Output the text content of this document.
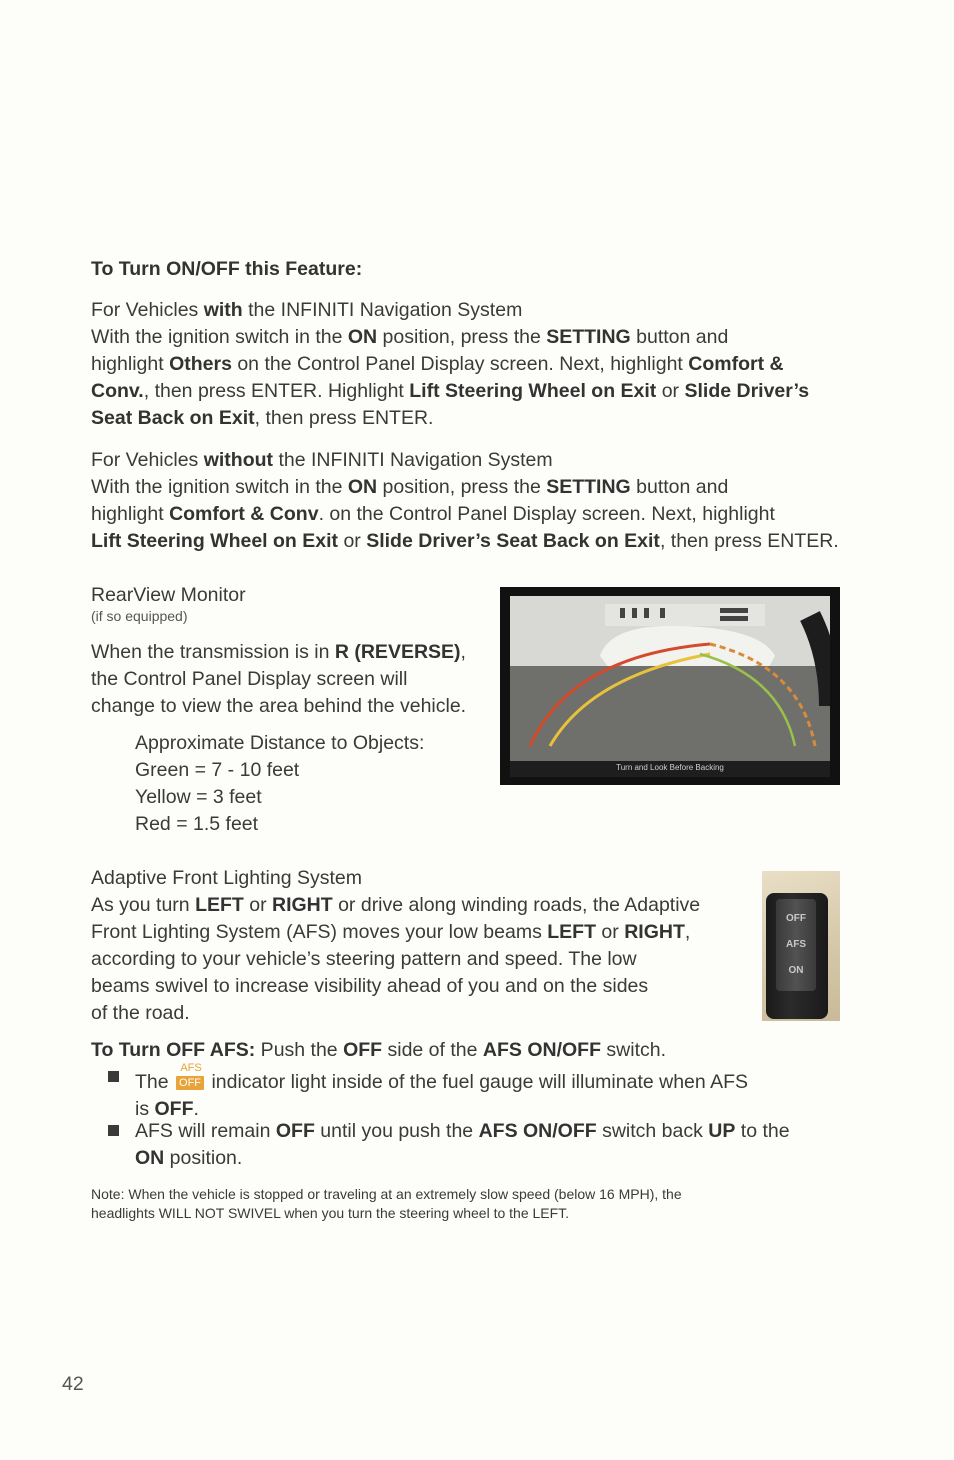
To Turn ON/OFF this Feature:

For Vehicles with the INFINITI Navigation System

With the ignition switch in the ON position, press the SETTING button and

highlight Others on the Control Panel Display screen. Next, highlight Comfort &

Conv., then press ENTER. Highlight Lift Steering Wheel on Exit or Slide Driver’s

Seat Back on Exit, then press ENTER.

For Vehicles without the INFINITI Navigation System

With the ignition switch in the ON position, press the SETTING button and

highlight Comfort & Conv. on the Control Panel Display screen. Next, highlight

Lift Steering Wheel on Exit or Slide Driver’s Seat Back on Exit, then press ENTER.

RearView Monitor

(if so equipped)

When the transmission is in R (REVERSE),

the Control Panel Display screen will

change to view the area behind the vehicle.

Approximate Distance to Objects:

Green = 7 - 10 feet

Yellow = 3 feet

Red = 1.5 feet

Turn and Look Before Backing

Adaptive Front Lighting System

As you turn LEFT or RIGHT or drive along winding roads, the Adaptive

Front Lighting System (AFS) moves your low beams LEFT or RIGHT,

according to your vehicle’s steering pattern and speed. The low

beams swivel to increase visibility ahead of you and on the sides

of the road.

OFF
AFS
ON

To Turn OFF AFS: Push the OFF side of the AFS ON/OFF switch.

The
AFS
OFF indicator light inside of the fuel gauge will illuminate when AFS

is OFF.

AFS will remain OFF until you push the AFS ON/OFF switch back UP to the

ON position.

Note: When the vehicle is stopped or traveling at an extremely slow speed (below 16 MPH), the

headlights WILL NOT SWIVEL when you turn the steering wheel to the LEFT.

42
